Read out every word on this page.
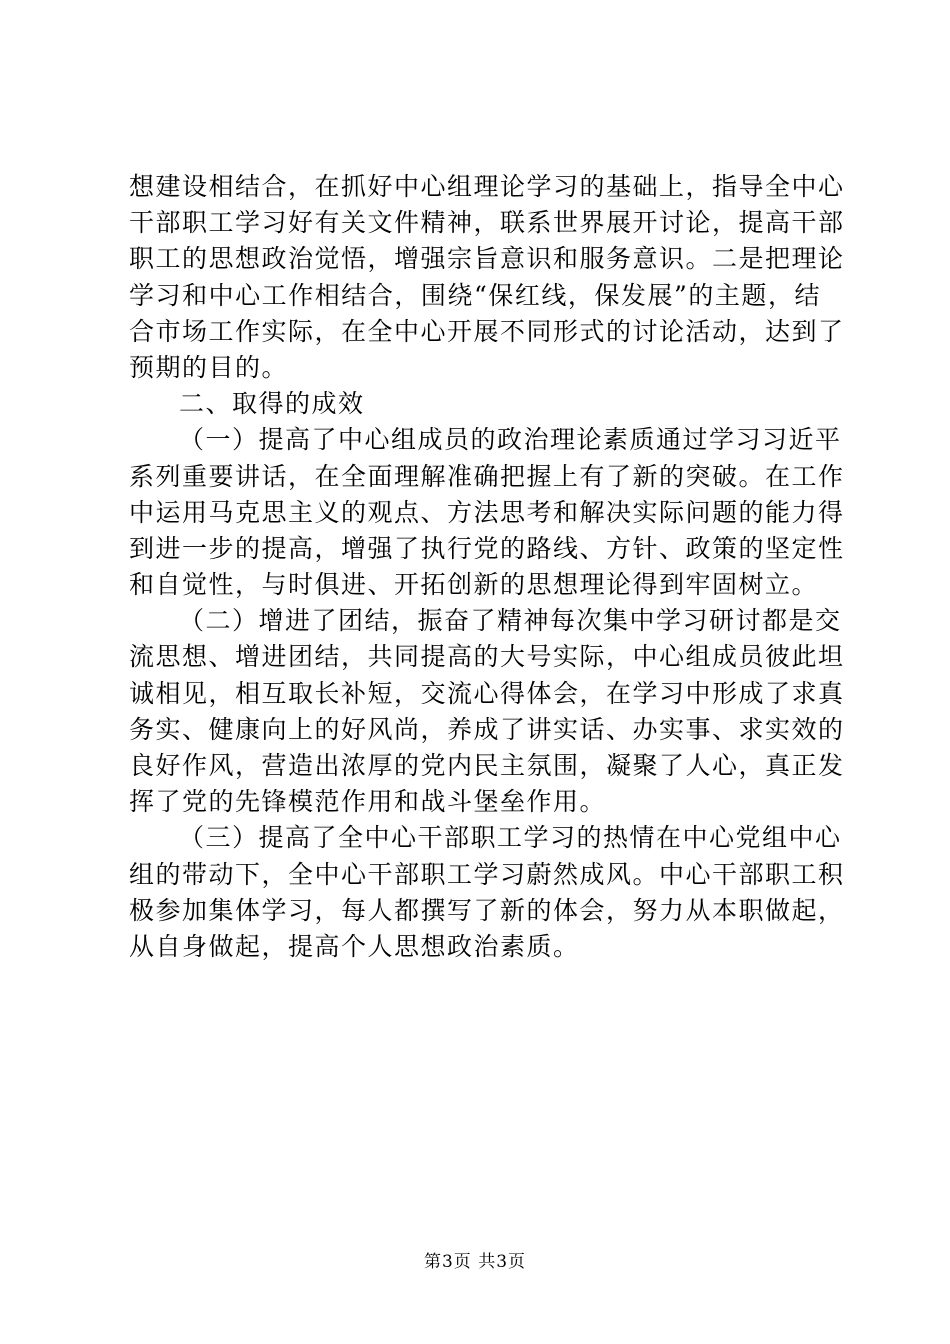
想建设相结合，在抓好中心组理论学习的基础上，指导全中心
干部职工学习好有关文件精神，联系世界展开讨论，提高干部
职工的思想政治觉悟，增强宗旨意识和服务意识。二是把理论
学习和中心工作相结合，围绕“保红线，保发展”的主题，结
合市场工作实际，在全中心开展不同形式的讨论活动，达到了
预期的目的。
二、取得的成效
（一）提高了中心组成员的政治理论素质通过学习习近平
系列重要讲话，在全面理解准确把握上有了新的突破。在工作
中运用马克思主义的观点、方法思考和解决实际问题的能力得
到进一步的提高，增强了执行党的路线、方针、政策的坚定性
和自觉性，与时俱进、开拓创新的思想理论得到牢固树立。
（二）增进了团结，振奋了精神每次集中学习研讨都是交
流思想、增进团结，共同提高的大号实际，中心组成员彼此坦
诚相见，相互取长补短，交流心得体会，在学习中形成了求真
务实、健康向上的好风尚，养成了讲实话、办实事、求实效的
良好作风，营造出浓厚的党内民主氛围，凝聚了人心，真正发
挥了党的先锋模范作用和战斗堡垒作用。
（三）提高了全中心干部职工学习的热情在中心党组中心
组的带动下，全中心干部职工学习蔚然成风。中心干部职工积
极参加集体学习，每人都撰写了新的体会，努力从本职做起，
从自身做起，提高个人思想政治素质。
第3页 共3页
